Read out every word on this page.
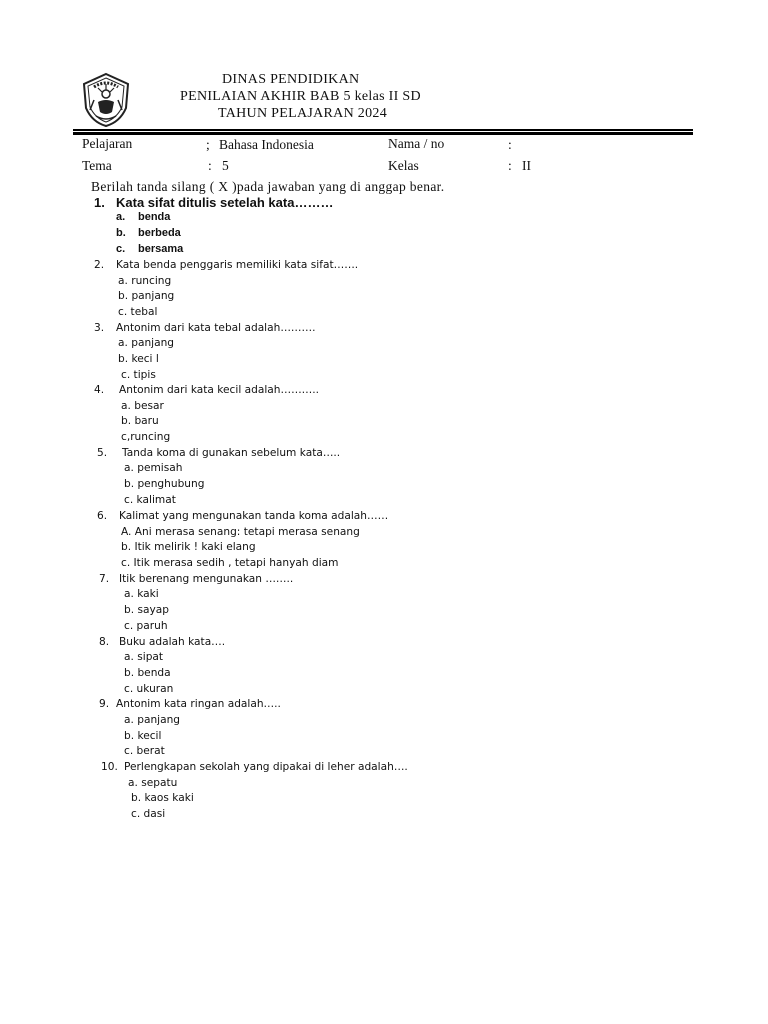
DINAS PENDIDIKAN
PENILAIAN AKHIR BAB 5 kelas II SD
TAHUN PELAJARAN 2024
Pelajaran	; Bahasa Indonesia	Nama / no	:
Tema	: 5	Kelas	: II
Berilah tanda silang ( X )pada jawaban yang di anggap benar.
1. Kata sifat ditulis setelah kata………
a. benda
b. berbeda
c. bersama
2. Kata benda penggaris memiliki kata sifat…….
a. runcing
b. panjang
c. tebal
3. Antonim dari kata tebal adalah……….
a. panjang
b. keci l
c. tipis
4. Antonim dari kata kecil adalah………..
a. besar
b. baru
c,runcing
5. Tanda koma di gunakan sebelum kata…..
a. pemisah
b. penghubung
c. kalimat
6. Kalimat yang mengunakan tanda koma adalah……
A. Ani merasa senang: tetapi merasa senang
b. Itik melirik ! kaki elang
c. Itik merasa sedih , tetapi hanyah diam
7. Itik berenang mengunakan ……..
a. kaki
b. sayap
c. paruh
8. Buku adalah kata….
a. sipat
b. benda
c. ukuran
9. Antonim kata ringan adalah…..
a. panjang
b. kecil
c. berat
10. Perlengkapan sekolah yang dipakai di leher adalah….
a. sepatu
b. kaos kaki
c. dasi
